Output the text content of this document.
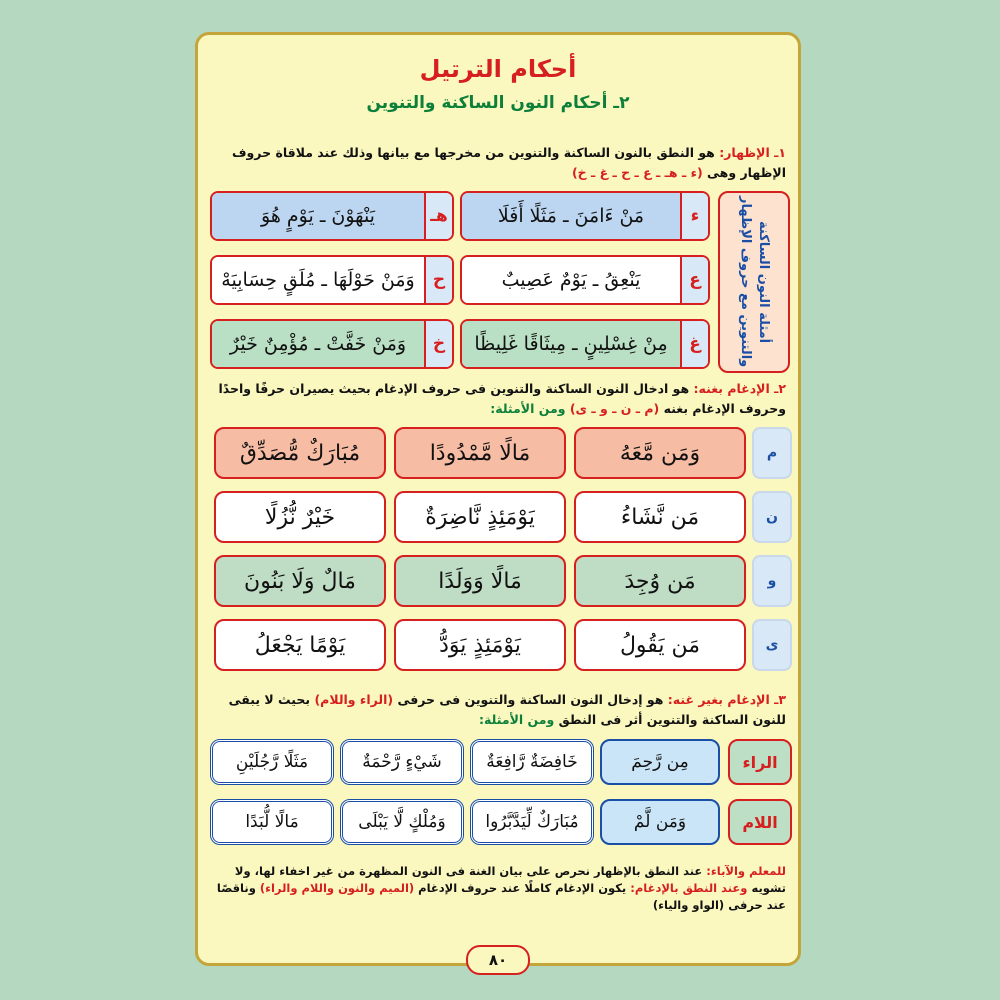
أحكام الترتيل
٢ـ أحكام النون الساكنة والتنوين
١ـ الإظهار: هو النطق بالنون الساكنة والتنوين من مخرجها مع بيانها وذلك عند ملاقاة حروف الإظهار وهى (ء ـ هـ ـ ع ـ ح ـ غ ـ خ)
أمثلة النون الساكنة والتنوين مع حروف الإظهار
ء
مَنْ ءَامَنَ ـ مَثَلًا أَفَلَا
هـ
يَنْهَوْنَ ـ يَوْمٍ هُوَ
ع
يَنْعِقُ ـ يَوْمٌ عَصِيبٌ
ح
وَمَنْ حَوْلَهَا ـ مُلَقٍ حِسَابِيَهْ
غ
مِنْ غِسْلِينٍ ـ مِيثَاقًا غَلِيظًا
خ
وَمَنْ خَفَّتْ ـ مُؤْمِنٌ خَيْرٌ
٢ـ الإدغام بغنه: هو ادخال النون الساكنة والتنوين فى حروف الإدغام بحيث يصيران حرفًا واحدًا
وحروف الإدغام بغنه (م ـ ن ـ و ـ ى) ومن الأمثلة:
م
وَمَن مَّعَهُ
مَالًا مَّمْدُودًا
مُبَارَكٌ مُّصَدِّقٌ
ن
مَن نَّشَاءُ
يَوْمَئِذٍ نَّاضِرَةٌ
خَيْرٌ نُّزُلًا
و
مَن وُجِدَ
مَالًا وَوَلَدًا
مَالٌ وَلَا بَنُونَ
ى
مَن يَقُولُ
يَوْمَئِذٍ يَوَدُّ
يَوْمًا يَجْعَلُ
٣ـ الإدغام بغير غنه: هو إدخال النون الساكنة والتنوين فى حرفى (الراء واللام) بحيث لا يبقى للنون الساكنة والتنوين أثر فى النطق ومن الأمثلة:
الراء
مِن رَّحِمَ
خَافِضَةٌ رَّافِعَةٌ
شَيْءٍ رَّحْمَةٌ
مَثَلًا رَّجُلَيْنِ
اللام
وَمَن لَّمْ
مُبَارَكٌ لِّيَدَّبَّرُوا
وَمُلْكٍ لَّا يَبْلَى
مَالًا لُّبَدًا
للمعلم والآباء: عند النطق بالإظهار نحرص على بيان الغنة فى النون المظهرة من غير اخفاء لها، ولا تشويه وعند النطق بالإدغام: يكون الإدغام كاملًا عند حروف الإدغام (الميم والنون واللام والراء) وناقصًا عند حرفى (الواو والياء)
٨٠
